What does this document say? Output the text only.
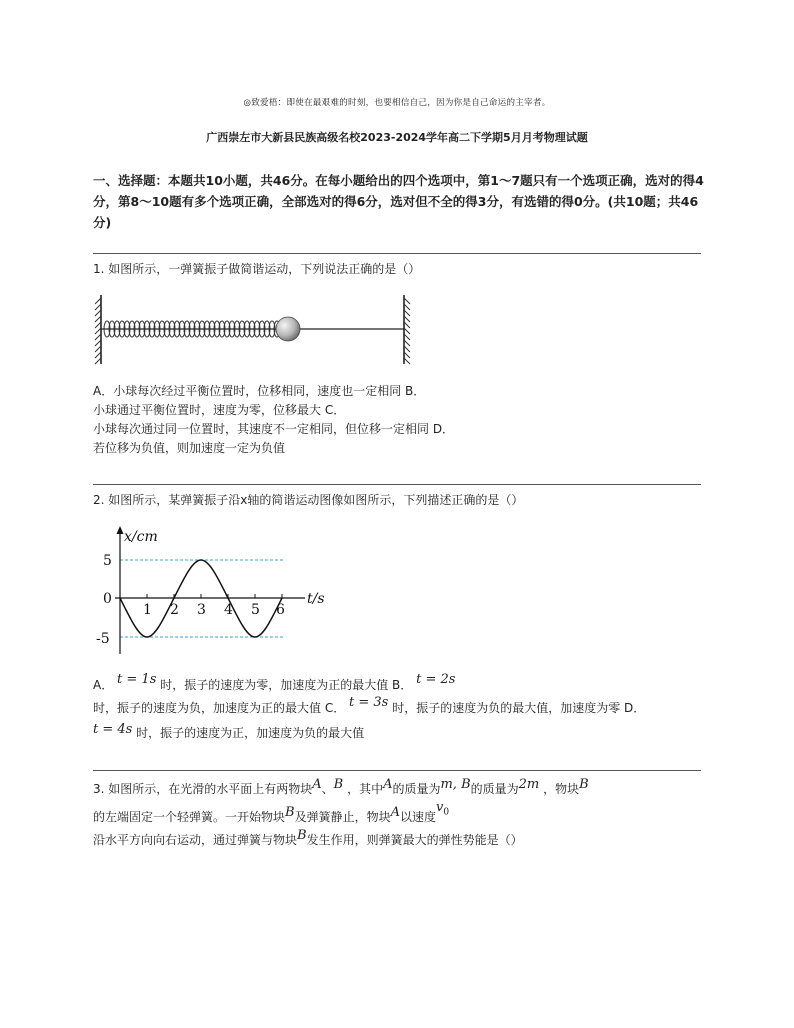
◎致爱梧：即使在最艰难的时刻，也要相信自己，因为你是自己命运的主宰者。
广西崇左市大新县民族高级名校2023-2024学年高二下学期5月月考物理试题
一、选择题：本题共10小题，共46分。在每小题给出的四个选项中，第1～7题只有一个选项正确，选对的得4分，第8～10题有多个选项正确，全部选对的得6分，选对但不全的得3分，有选错的得0分。(共10题；共46分)
1. 如图所示，一弹簧振子做简谐运动，下列说法正确的是（）
A．小球每次经过平衡位置时，位移相同，速度也一定相同 B．
小球通过平衡位置时，速度为零，位移最大 C．
小球每次通过同一位置时，其速度不一定相同，但位移一定相同 D．
若位移为负值，则加速度一定为负值
2. 如图所示，某弹簧振子沿x轴的简谐运动图像如图所示，下列描述正确的是（）
x/cm
t/s
5
0
-5
1 2 3 4 5 6
A． t = 1s 时，振子的速度为零，加速度为正的最大值 B． t = 2s
时，振子的速度为负，加速度为正的最大值 C． t = 3s 时，振子的速度为负的最大值，加速度为零 D．
t = 4s 时，振子的速度为正，加速度为负的最大值
3. 如图所示，在光滑的水平面上有两物块A、B ，其中A的质量为m, B的质量为2m ，物块B
的左端固定一个轻弹簧。一开始物块B及弹簧静止，物块A以速度$v_0$
沿水平方向向右运动，通过弹簧与物块B发生作用，则弹簧最大的弹性势能是（）
